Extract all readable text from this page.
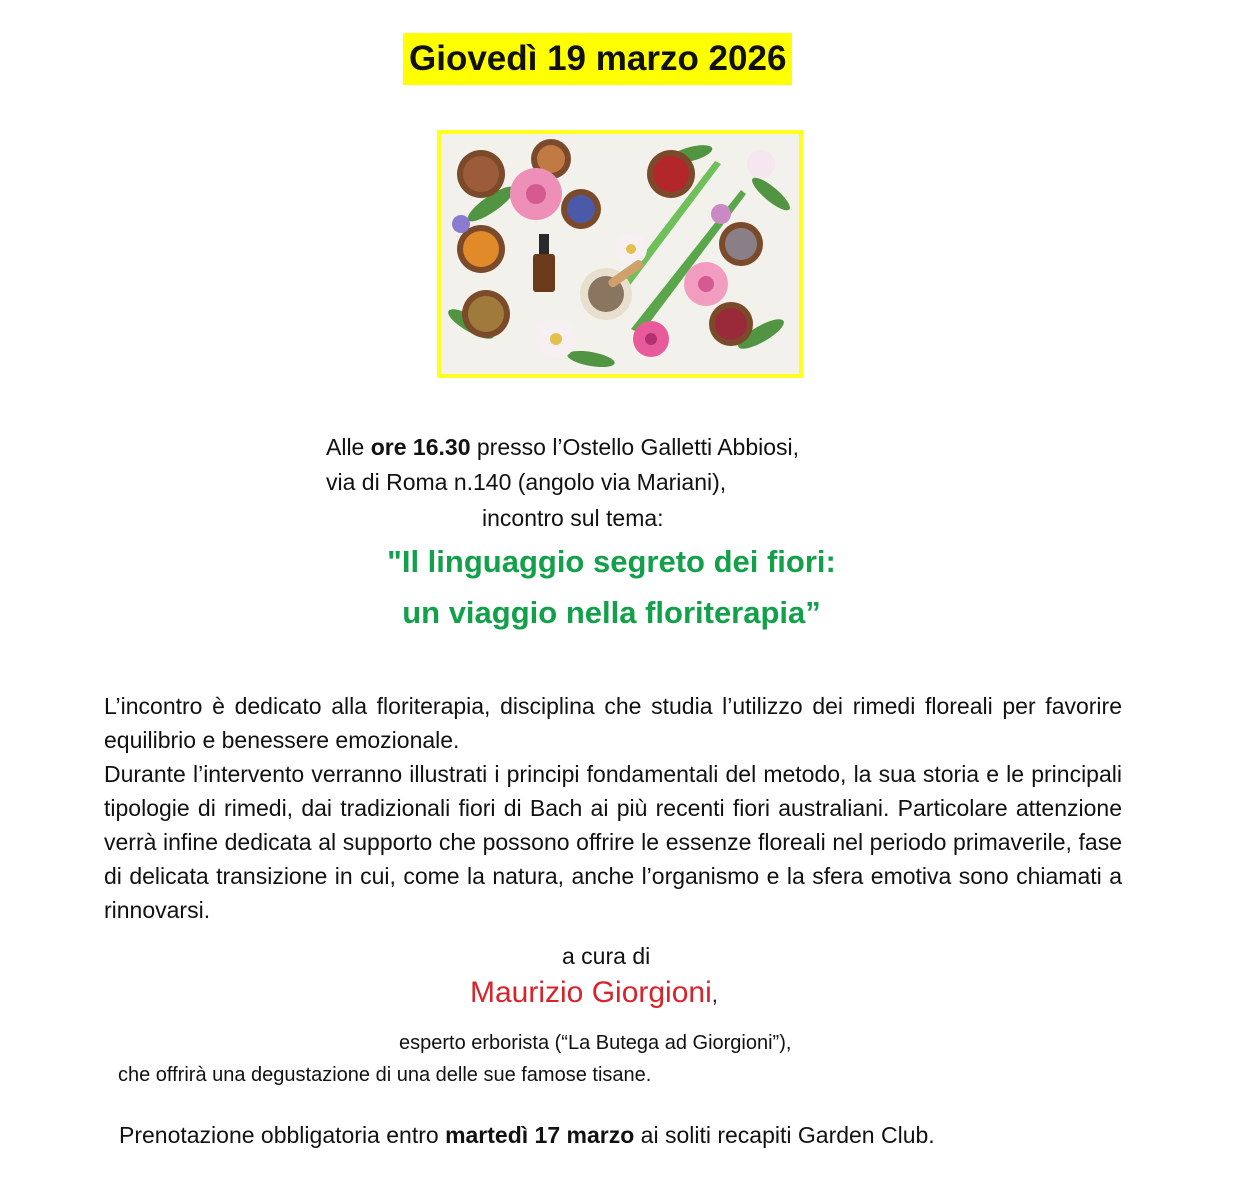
Giovedì 19 marzo 2026
Alle ore 16.30 presso l’Ostello Galletti Abbiosi,
via di Roma n.140 (angolo via Mariani),
incontro sul tema:
"Il linguaggio segreto dei fiori:
un viaggio nella floriterapia”

L’incontro è dedicato alla floriterapia, disciplina che studia l’utilizzo dei rimedi floreali per favorire equilibrio e benessere emozionale.

Durante l’intervento verranno illustrati i principi fondamentali del metodo, la sua storia e le principali tipologie di rimedi, dai tradizionali fiori di Bach ai più recenti fiori australiani. Particolare attenzione verrà infine dedicata al supporto che possono offrire le essenze floreali nel periodo primaverile, fase di delicata transizione in cui, come la natura, anche l’organismo e la sfera emotiva sono chiamati a rinnovarsi.

a cura di
Maurizio Giorgioni,
esperto erborista (“La Butega ad Giorgioni”),
che offrirà una degustazione di una delle sue famose tisane.
Prenotazione obbligatoria entro martedì 17 marzo ai soliti recapiti Garden Club.
